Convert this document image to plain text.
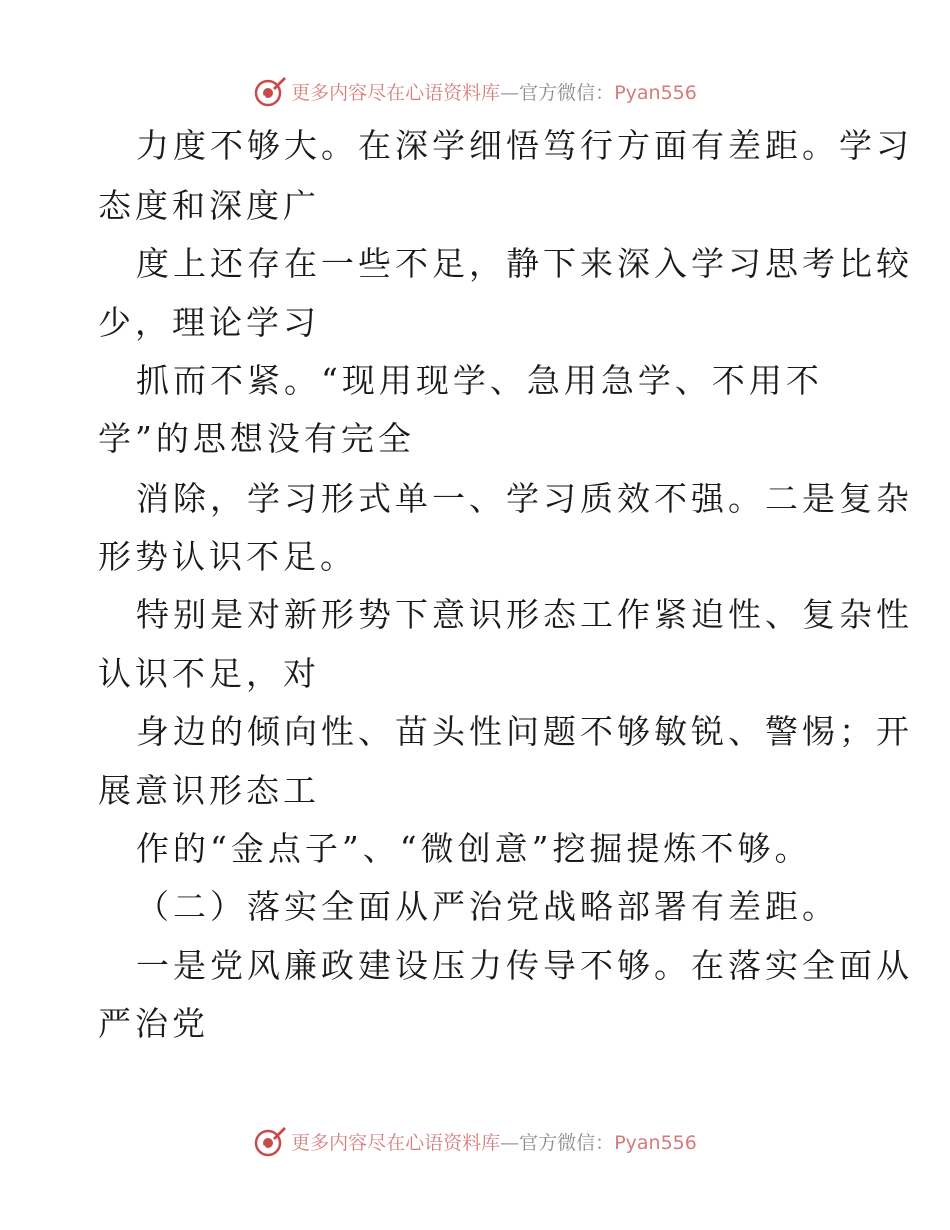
更多内容尽在心语资料库—官方微信：Pyan556
力度不够大。在深学细悟笃行方面有差距。学习
态度和深度广
度上还存在一些不足，静下来深入学习思考比较
少，理论学习
抓而不紧。“现用现学、急用急学、不用不
学”的思想没有完全
消除，学习形式单一、学习质效不强。二是复杂
形势认识不足。
特别是对新形势下意识形态工作紧迫性、复杂性
认识不足，对
身边的倾向性、苗头性问题不够敏锐、警惕；开
展意识形态工
作的“金点子”、“微创意”挖掘提炼不够。
（二）落实全面从严治党战略部署有差距。
一是党风廉政建设压力传导不够。在落实全面从
严治党
更多内容尽在心语资料库—官方微信：Pyan556
